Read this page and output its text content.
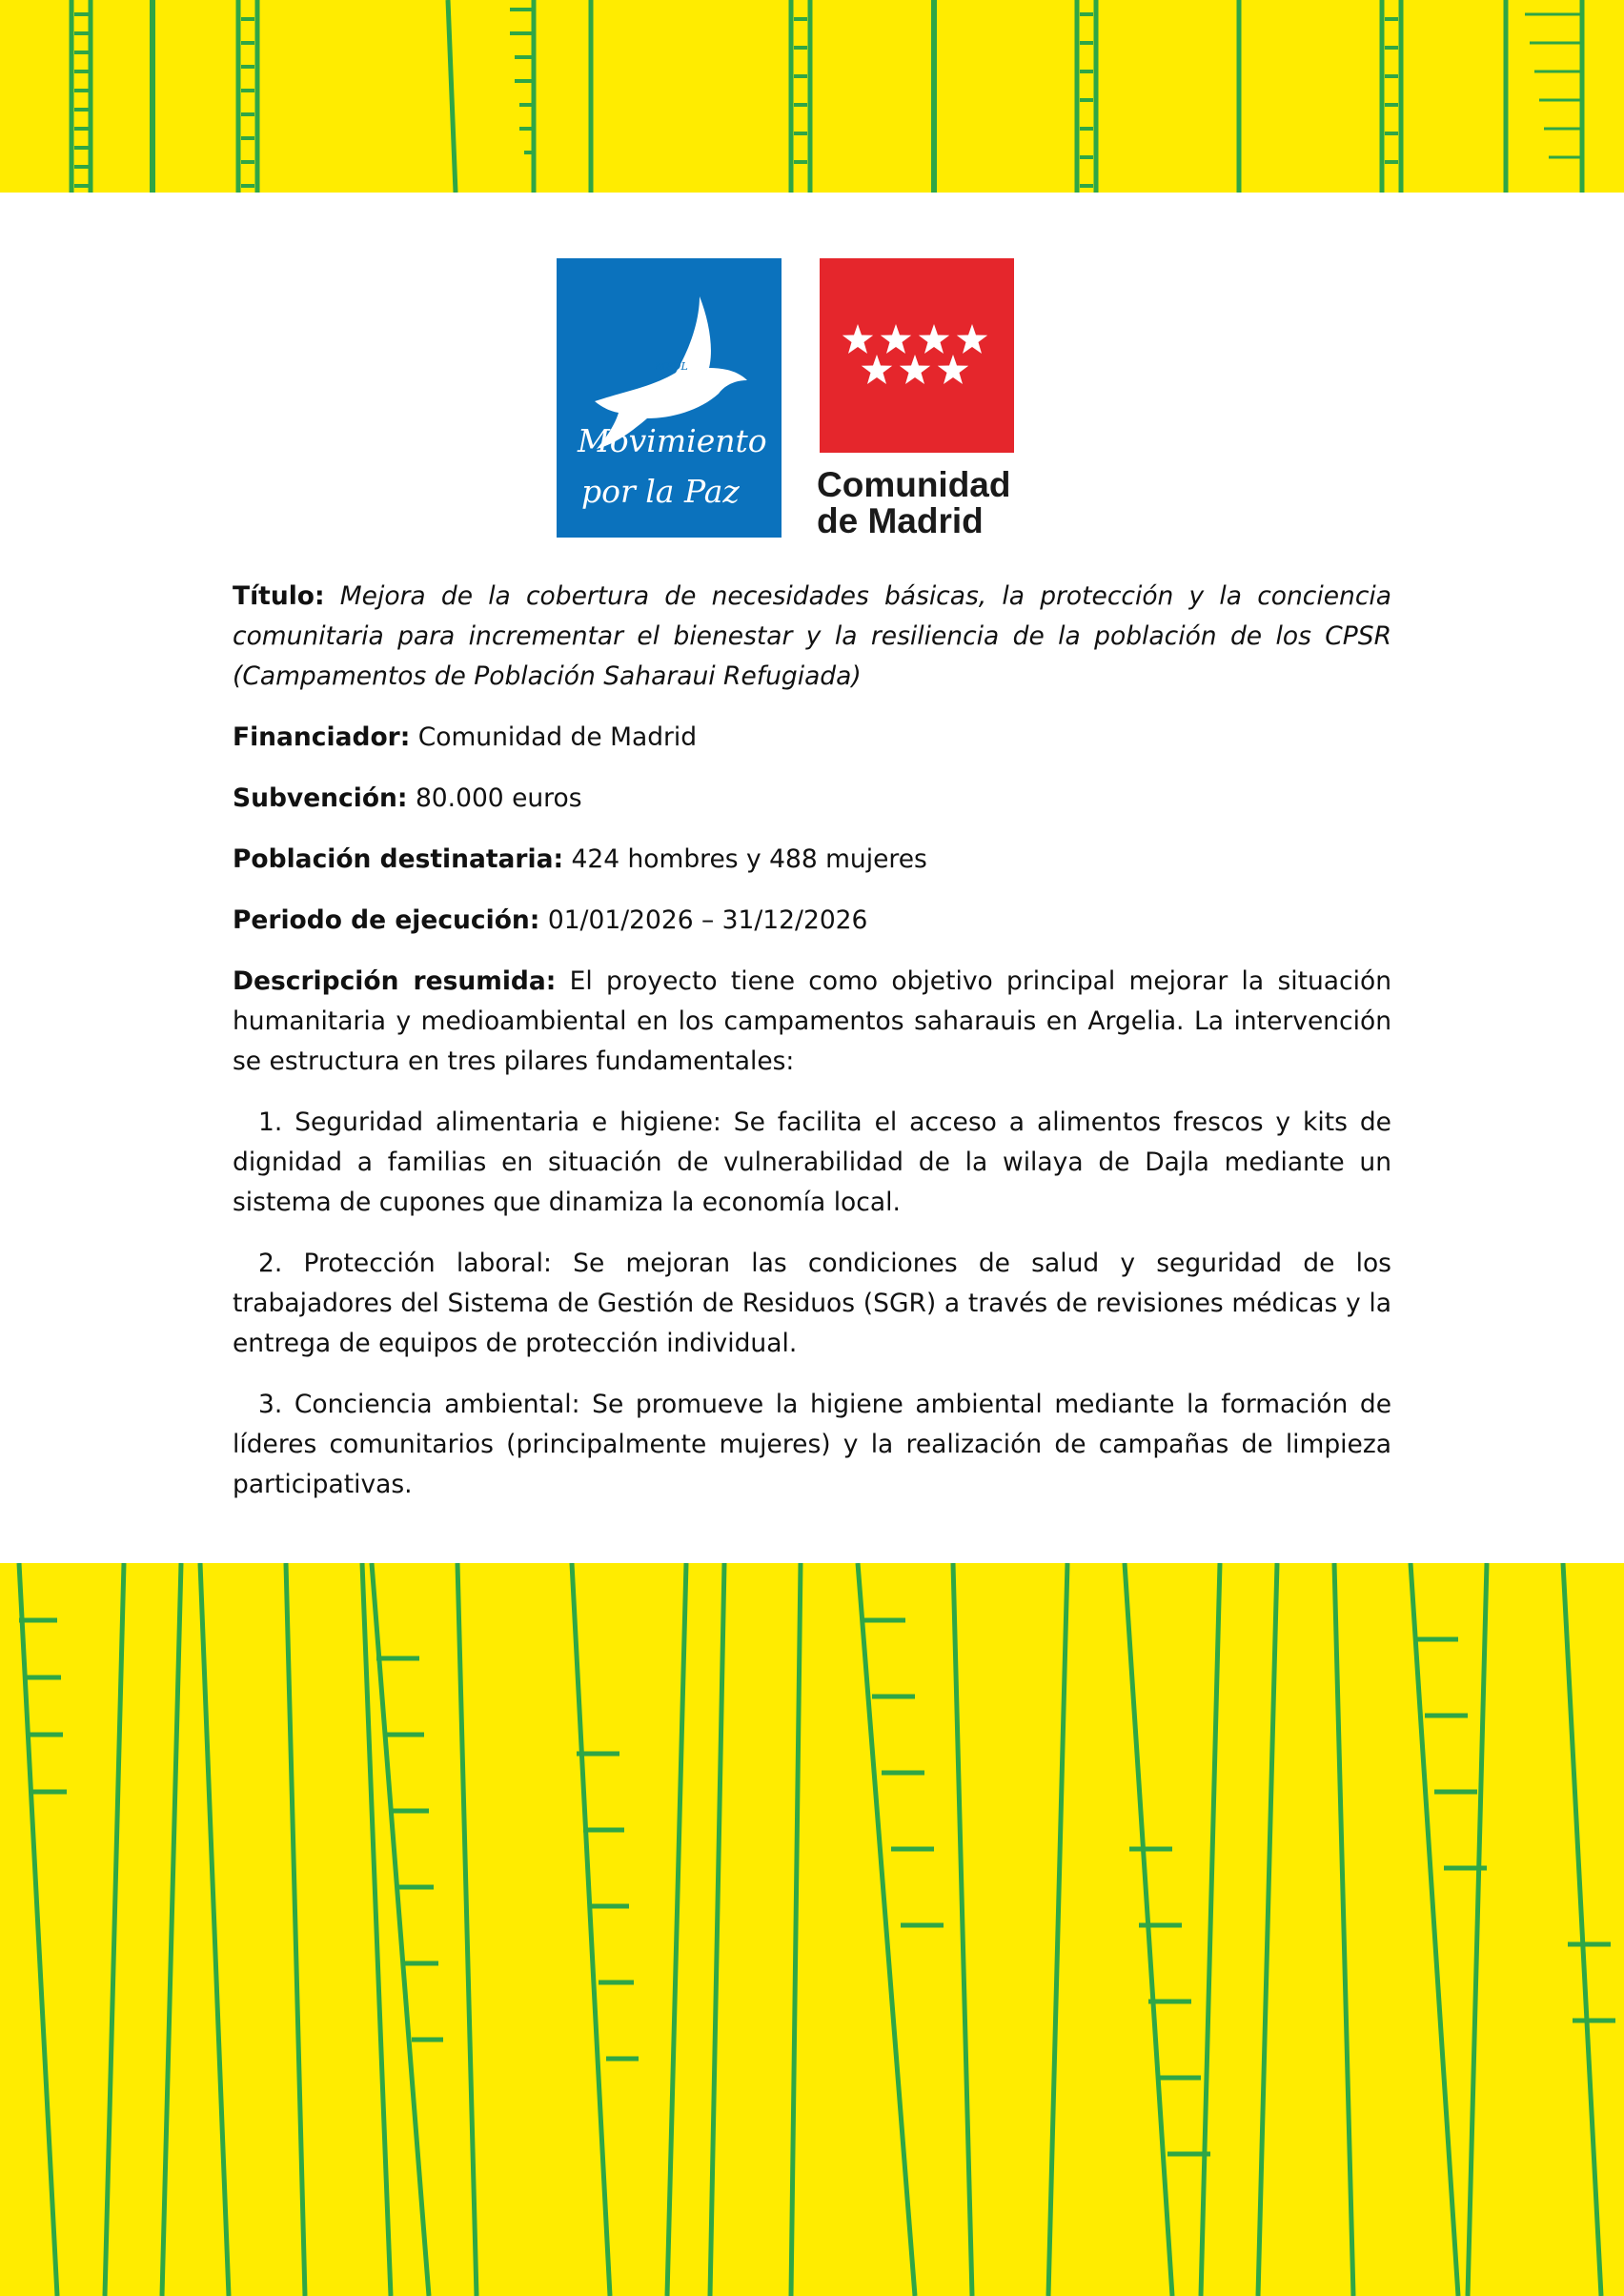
MPDL
Movimiento
por la Paz	Comunidad
de Madrid

Título: Mejora de la cobertura de necesidades básicas, la protección y la conciencia comunitaria para incrementar el bienestar y la resiliencia de la población de los CPSR (Campamentos de Población Saharaui Refugiada)

Financiador: Comunidad de Madrid

Subvención: 80.000 euros

Población destinataria: 424 hombres y 488 mujeres

Periodo de ejecución: 01/01/2026 – 31/12/2026

Descripción resumida: El proyecto tiene como objetivo principal mejorar la situación humanitaria y medioambiental en los campamentos saharauis en Argelia. La intervención se estructura en tres pilares fundamentales:

1. Seguridad alimentaria e higiene: Se facilita el acceso a alimentos frescos y kits de dignidad a familias en situación de vulnerabilidad de la wilaya de Dajla mediante un sistema de cupones que dinamiza la economía local.

2. Protección laboral: Se mejoran las condiciones de salud y seguridad de los trabajadores del Sistema de Gestión de Residuos (SGR) a través de revisiones médicas y la entrega de equipos de protección individual.

3. Conciencia ambiental: Se promueve la higiene ambiental mediante la formación de líderes comunitarios (principalmente mujeres) y la realización de campañas de limpieza participativas.
